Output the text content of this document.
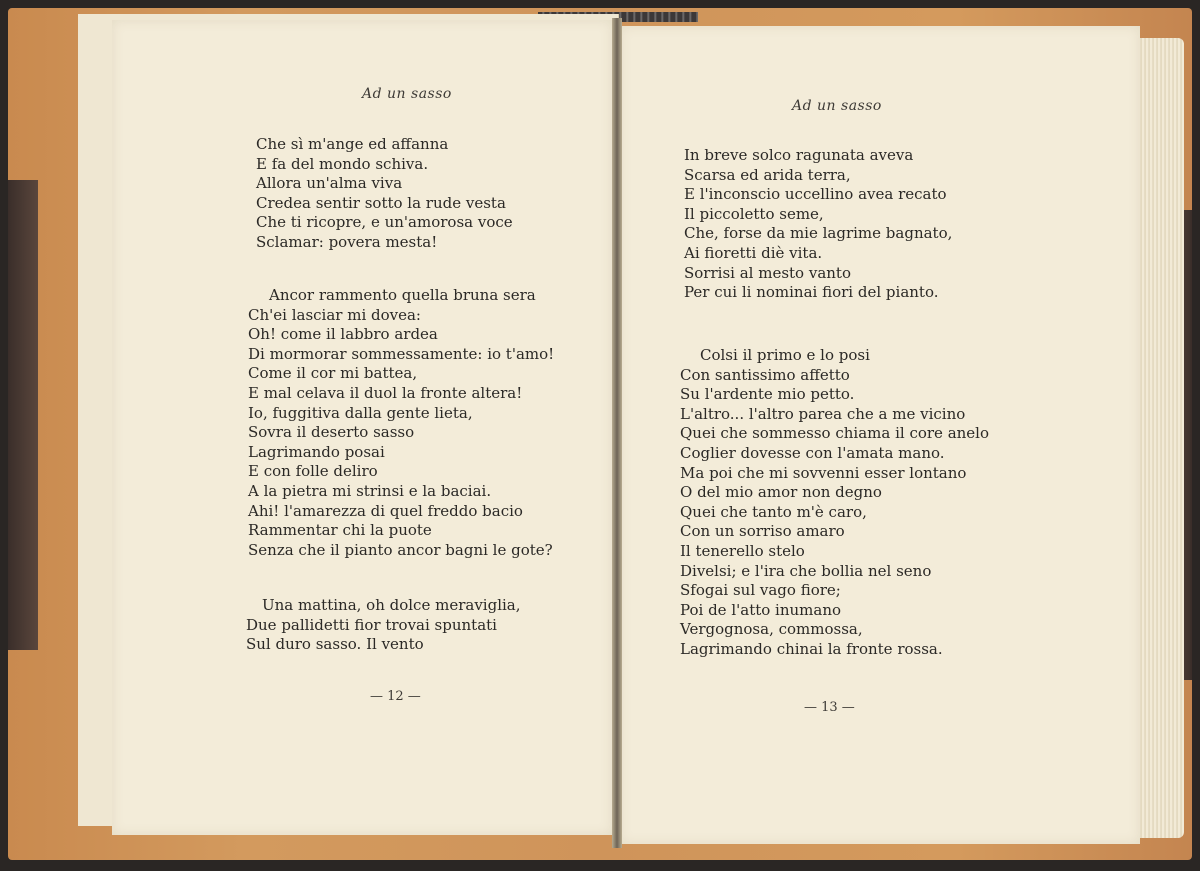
Ad un sasso
Che sì m'ange ed affanna
E fa del mondo schiva.
Allora un'alma viva
Credea sentir sotto la rude vesta
Che ti ricopre, e un'amorosa voce
Sclamar: povera mesta!
Ancor rammento quella bruna sera
Ch'ei lasciar mi dovea:
Oh! come il labbro ardea
Di mormorar sommessamente: io t'amo!
Come il cor mi battea,
E mal celava il duol la fronte altera!
Io, fuggitiva dalla gente lieta,
Sovra il deserto sasso
Lagrimando posai
E con folle deliro
A la pietra mi strinsi e la baciai.
Ahi! l'amarezza di quel freddo bacio
Rammentar chi la puote
Senza che il pianto ancor bagni le gote?
Una mattina, oh dolce meraviglia,
Due pallidetti fior trovai spuntati
Sul duro sasso. Il vento
— 12 —
Ad un sasso
In breve solco ragunata aveva
Scarsa ed arida terra,
E l'inconscio uccellino avea recato
Il piccoletto seme,
Che, forse da mie lagrime bagnato,
Ai fioretti diè vita.
Sorrisi al mesto vanto
Per cui li nominai fiori del pianto.
Colsi il primo e lo posi
Con santissimo affetto
Su l'ardente mio petto.
L'altro... l'altro parea che a me vicino
Quei che sommesso chiama il core anelo
Coglier dovesse con l'amata mano.
Ma poi che mi sovvenni esser lontano
O del mio amor non degno
Quei che tanto m'è caro,
Con un sorriso amaro
Il tenerello stelo
Divelsi; e l'ira che bollia nel seno
Sfogai sul vago fiore;
Poi de l'atto inumano
Vergognosa, commossa,
Lagrimando chinai la fronte rossa.
— 13 —
